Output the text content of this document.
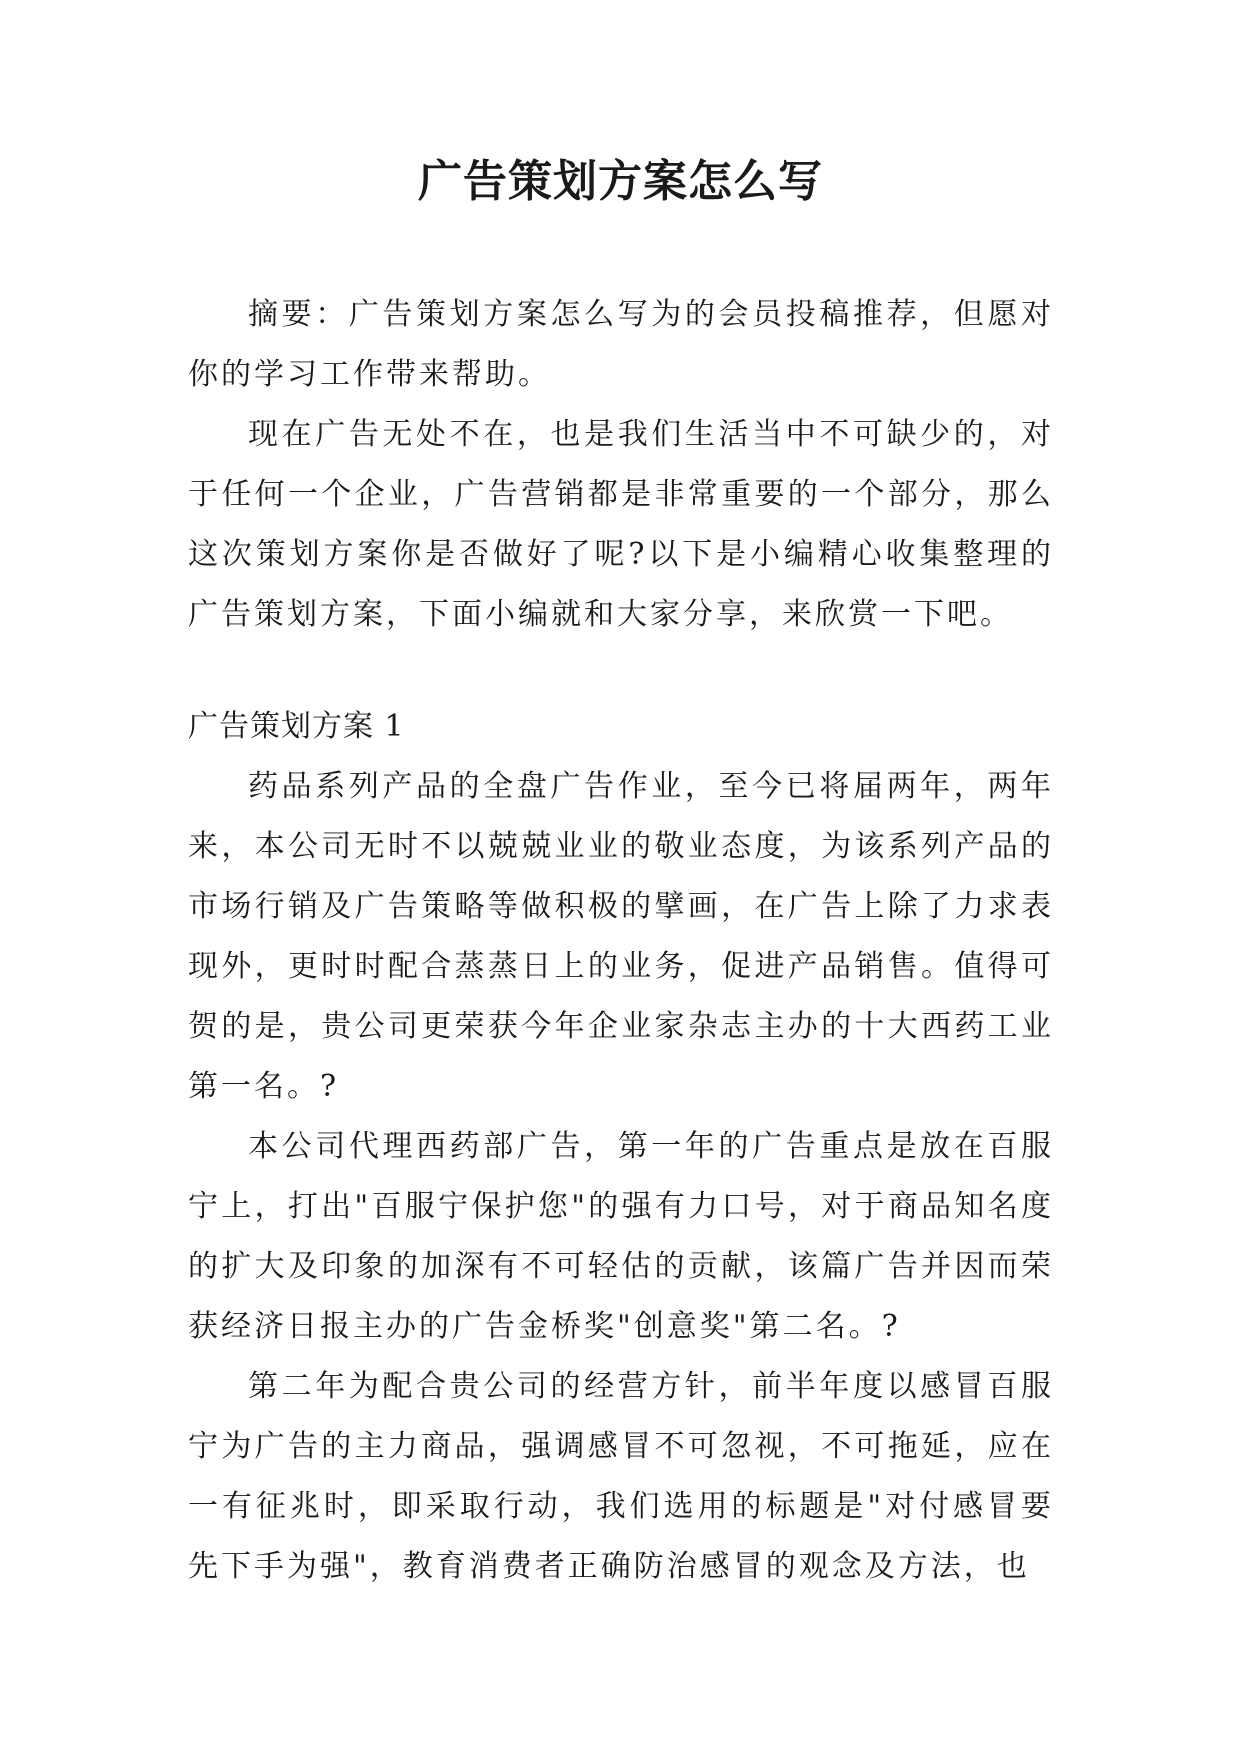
广告策划方案怎么写

摘要：广告策划方案怎么写为的会员投稿推荐，但愿对你的学习工作带来帮助。

现在广告无处不在，也是我们生活当中不可缺少的，对于任何一个企业，广告营销都是非常重要的一个部分，那么这次策划方案你是否做好了呢?以下是小编精心收集整理的广告策划方案，下面小编就和大家分享，来欣赏一下吧。

广告策划方案 1

药品系列产品的全盘广告作业，至今已将届两年，两年来，本公司无时不以兢兢业业的敬业态度，为该系列产品的市场行销及广告策略等做积极的擘画，在广告上除了力求表现外，更时时配合蒸蒸日上的业务，促进产品销售。值得可贺的是，贵公司更荣获今年企业家杂志主办的十大西药工业第一名。?

本公司代理西药部广告，第一年的广告重点是放在百服宁上，打出"百服宁保护您"的强有力口号，对于商品知名度的扩大及印象的加深有不可轻估的贡献，该篇广告并因而荣获经济日报主办的广告金桥奖"创意奖"第二名。?

第二年为配合贵公司的经营方针，前半年度以感冒百服宁为广告的主力商品，强调感冒不可忽视，不可拖延，应在一有征兆时，即采取行动，我们选用的标题是"对付感冒要先下手为强"，教育消费者正确防治感冒的观念及方法，也
